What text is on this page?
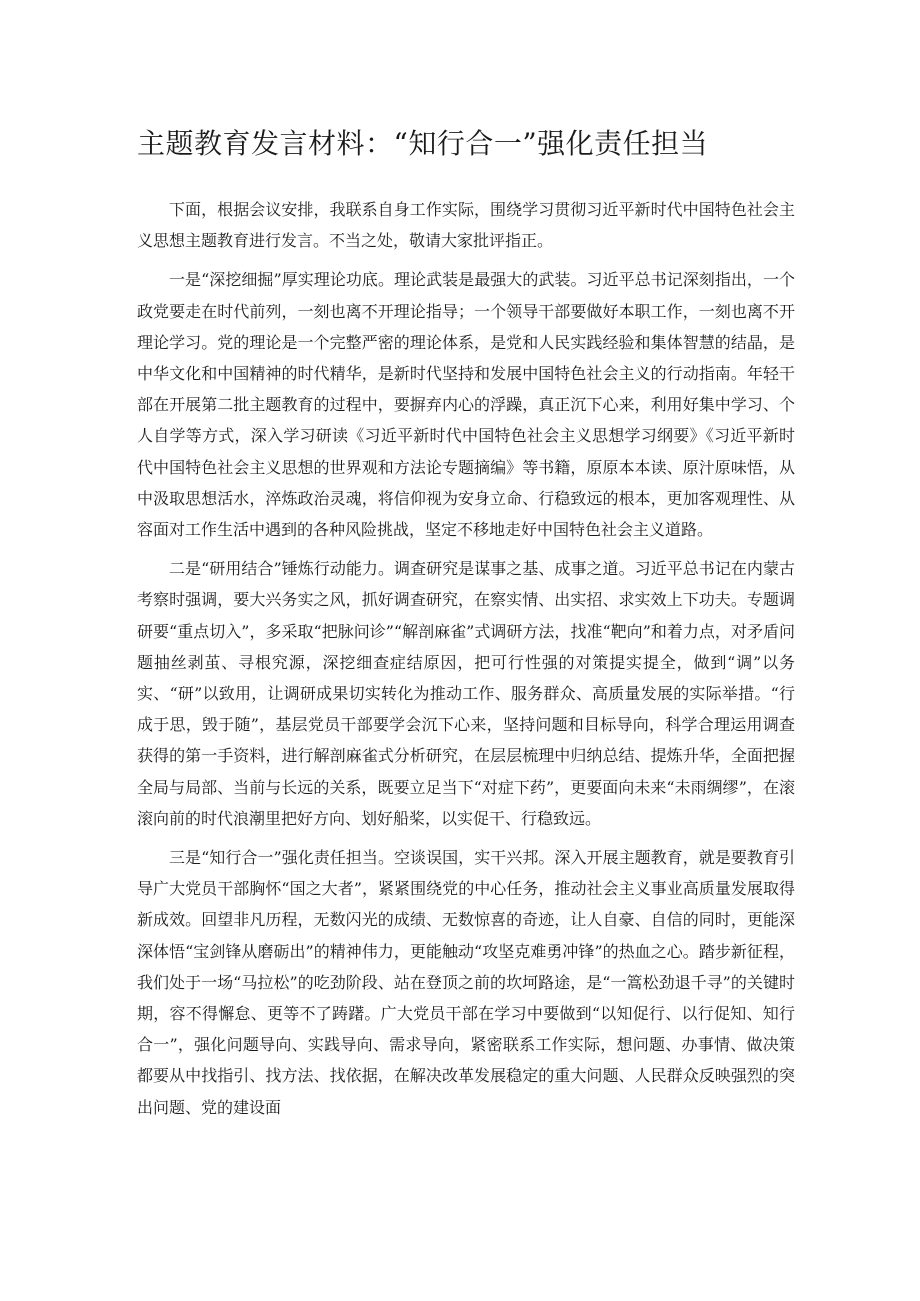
主题教育发言材料：“知行合一”强化责任担当

下面，根据会议安排，我联系自身工作实际，围绕学习贯彻习近平新时代中国特色社会主义思想主题教育进行发言。不当之处，敬请大家批评指正。

一是“深挖细掘”厚实理论功底。理论武装是最强大的武装。习近平总书记深刻指出，一个政党要走在时代前列，一刻也离不开理论指导；一个领导干部要做好本职工作，一刻也离不开理论学习。党的理论是一个完整严密的理论体系，是党和人民实践经验和集体智慧的结晶，是中华文化和中国精神的时代精华，是新时代坚持和发展中国特色社会主义的行动指南。年轻干部在开展第二批主题教育的过程中，要摒弃内心的浮躁，真正沉下心来，利用好集中学习、个人自学等方式，深入学习研读《习近平新时代中国特色社会主义思想学习纲要》《习近平新时代中国特色社会主义思想的世界观和方法论专题摘编》等书籍，原原本本读、原汁原味悟，从中汲取思想活水，淬炼政治灵魂，将信仰视为安身立命、行稳致远的根本，更加客观理性、从容面对工作生活中遇到的各种风险挑战，坚定不移地走好中国特色社会主义道路。

二是“研用结合”锤炼行动能力。调查研究是谋事之基、成事之道。习近平总书记在内蒙古考察时强调，要大兴务实之风，抓好调查研究，在察实情、出实招、求实效上下功夫。专题调研要“重点切入”，多采取“把脉问诊”“解剖麻雀”式调研方法，找准“靶向”和着力点，对矛盾问题抽丝剥茧、寻根究源，深挖细查症结原因，把可行性强的对策提实提全，做到“调”以务实、“研”以致用，让调研成果切实转化为推动工作、服务群众、高质量发展的实际举措。“行成于思，毁于随”，基层党员干部要学会沉下心来，坚持问题和目标导向，科学合理运用调查获得的第一手资料，进行解剖麻雀式分析研究，在层层梳理中归纳总结、提炼升华，全面把握全局与局部、当前与长远的关系，既要立足当下“对症下药”，更要面向未来“未雨绸缪”，在滚滚向前的时代浪潮里把好方向、划好船桨，以实促干、行稳致远。

三是“知行合一”强化责任担当。空谈误国，实干兴邦。深入开展主题教育，就是要教育引导广大党员干部胸怀“国之大者”，紧紧围绕党的中心任务，推动社会主义事业高质量发展取得新成效。回望非凡历程，无数闪光的成绩、无数惊喜的奇迹，让人自豪、自信的同时，更能深深体悟“宝剑锋从磨砺出”的精神伟力，更能触动“攻坚克难勇冲锋”的热血之心。踏步新征程，我们处于一场“马拉松”的吃劲阶段、站在登顶之前的坎坷路途，是“一篙松劲退千寻”的关键时期，容不得懈怠、更等不了踌躇。广大党员干部在学习中要做到“以知促行、以行促知、知行合一”，强化问题导向、实践导向、需求导向，紧密联系工作实际，想问题、办事情、做决策都要从中找指引、找方法、找依据，在解决改革发展稳定的重大问题、人民群众反映强烈的突出问题、党的建设面
